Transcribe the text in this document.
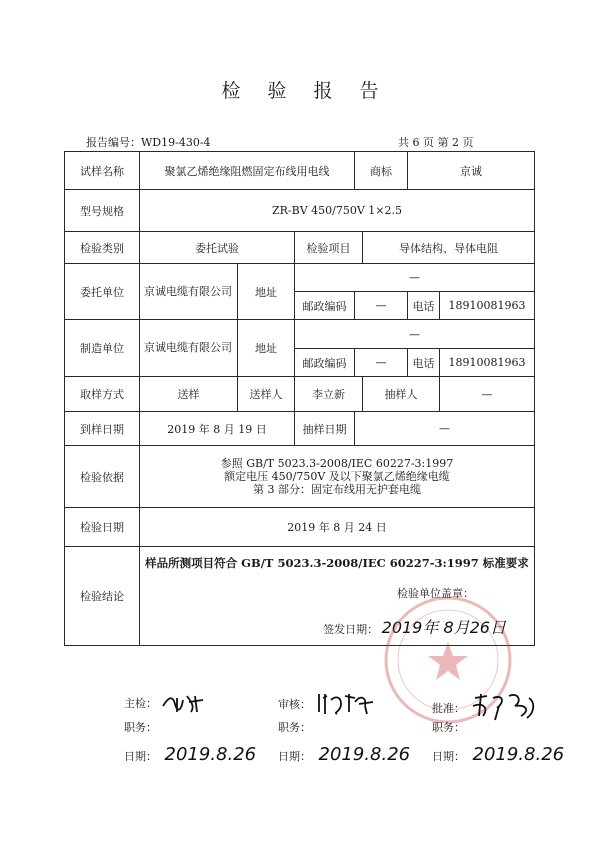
检验报告
报告编号：WD19-430-4	共 6 页 第 2 页
试样名称	聚氯乙烯绝缘阻燃固定布线用电线			商标		京诚	
型号规格	ZR-BV 450/750V 1×2.5						
检验类别	委托试验		检验项目		导体结构、导体电阻		
委托单位	京诚电缆有限公司	地址	—				
			邮政编码	—		电话	18910081963
制造单位	京诚电缆有限公司	地址	—				
			邮政编码	—		电话	18910081963
取样方式	送样	送样人	李立新		抽样人		—
到样日期	2019 年 8 月 19 日		抽样日期	—			
检验依据	参照 GB/T 5023.3-2008/IEC 60227-3:1997
额定电压 450/750V 及以下聚氯乙烯绝缘电缆
第 3 部分：固定布线用无护套电缆						

检验日期	2019 年 8 月 24 日						
检验结论	样品所测项目符合 GB/T 5023.3-2008/IEC 60227-3:1997 标准要求
检验单位盖章：
签发日期： 2019年 8月26日						
主检：	审核：	批准：
职务：	职务：	职务：
日期： 2019.8.26 日期： 2019.8.26 日期： 2019.8.26
